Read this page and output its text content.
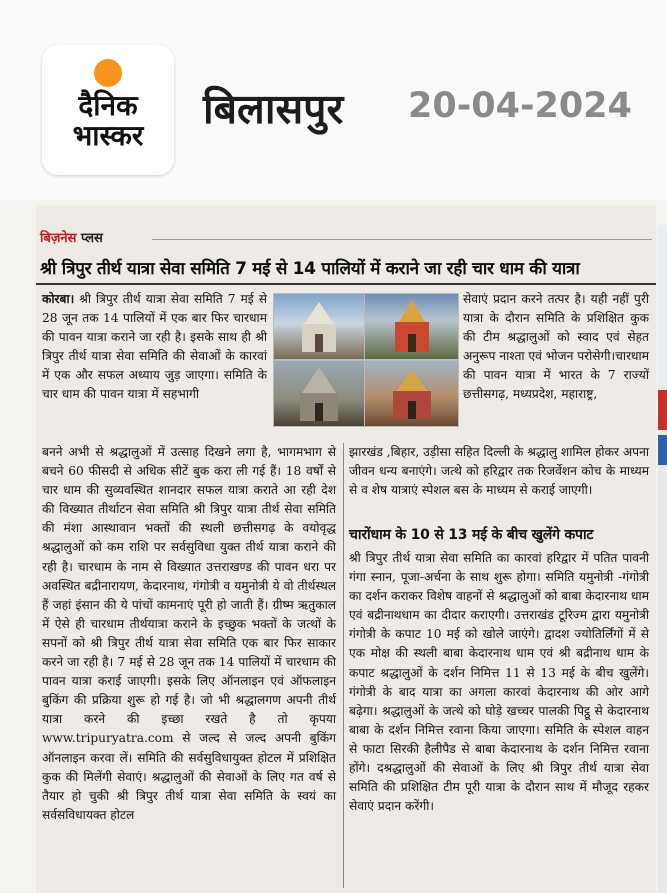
दैनिक
भास्कर
बिलासपुर 20-04-2024
बिज़नेस प्लस
श्री त्रिपुर तीर्थ यात्रा सेवा समिति 7 मई से 14 पालियों में कराने जा रही चार धाम की यात्रा
कोरबा। श्री त्रिपुर तीर्थ यात्रा सेवा समिति 7 मई से 28 जून तक 14 पालियों में एक बार फिर चारधाम की पावन यात्रा कराने जा रही है। इसके साथ ही श्री त्रिपुर तीर्थ यात्रा सेवा समिति की सेवाओं के कारवां में एक और सफल अध्याय जुड़ जाएगा। समिति के चार धाम की पावन यात्रा में सहभागी
सेवाएं प्रदान करने तत्पर है। यही नहीं पुरी यात्रा के दौरान समिति के प्रशिक्षित कुक की टीम श्रद्धालुओं को स्वाद एवं सेहत अनुरूप नाश्ता एवं भोजन परोसेगी।चारधाम की पावन यात्रा में भारत के 7 राज्यों छत्तीसगढ़, मध्यप्रदेश, महाराष्ट्र,
बनने अभी से श्रद्धालुओं में उत्साह दिखने लगा है, भागमभाग से बचने 60 फीसदी से अधिक सीटें बुक करा ली गई हैं। 18 वर्षों से चार धाम की सुव्यवस्थित शानदार सफल यात्रा कराते आ रही देश की विख्यात तीर्थाटन सेवा समिति श्री त्रिपुर यात्रा तीर्थ सेवा समिति की मंशा आस्थावान भक्तों की स्थली छत्तीसगढ़ के वयोवृद्ध श्रद्धालुओं को कम राशि पर सर्वसुविधा युक्त तीर्थ यात्रा कराने की रही है। चारधाम के नाम से विख्यात उत्तराखण्ड की पावन धरा पर अवस्थित बद्रीनारायण, केदारनाथ, गंगोत्री व यमुनोत्री ये वो तीर्थस्थल हैं जहां इंसान की ये पांचों कामनाएं पूरी हो जाती हैं। ग्रीष्म ऋतुकाल में ऐसे ही चारधाम तीर्थयात्रा कराने के इच्छुक भक्तों के जत्थों के सपनों को श्री त्रिपुर तीर्थ यात्रा सेवा समिति एक बार फिर साकार करने जा रही है। 7 मई से 28 जून तक 14 पालियों में चारधाम की पावन यात्रा कराई जाएगी। इसके लिए ऑनलाइन एवं ऑफलाइन बुकिंग की प्रक्रिया शुरू हो गई है। जो भी श्रद्धालगण अपनी तीर्थ यात्रा करने की इच्छा रखते है तो कृपया www.tripuryatra.com से जल्द से जल्द अपनी बुकिंग ऑनलाइन करवा लें। समिति की सर्वसुविधायुक्त होटल में प्रशिक्षित कुक की मिलेंगी सेवाएं। श्रद्धालुओं की सेवाओं के लिए गत वर्ष से तैयार हो चुकी श्री त्रिपुर तीर्थ यात्रा सेवा समिति के स्वयं का सर्वसविधायक्त होटल
झारखंड ,बिहार, उड़ीसा सहित दिल्ली के श्रद्धालु शामिल होकर अपना जीवन धन्य बनाएंगे। जत्थे को हरिद्वार तक रिजर्वेशन कोच के माध्यम से व शेष यात्राएं स्पेशल बस के माध्यम से कराई जाएगी।
चारोंधाम के 10 से 13 मई के बीच खुलेंगे कपाट
श्री त्रिपुर तीर्थ यात्रा सेवा समिति का कारवां हरिद्वार में पतित पावनी गंगा स्नान, पूजा-अर्चना के साथ शुरू होगा। समिति यमुनोत्री -गंगोत्री का दर्शन कराकर विशेष वाहनों से श्रद्धालुओं को बाबा केदारनाथ धाम एवं बद्रीनाथधाम का दीदार कराएगी। उत्तराखंड टूरिज्म द्वारा यमुनोत्री गंगोत्री के कपाट 10 मई को खोले जाएंगे। द्वादश ज्योतिर्लिंगों में से एक मोक्ष की स्थली बाबा केदारनाथ धाम एवं श्री बद्रीनाथ धाम के कपाट श्रद्धालुओं के दर्शन निमित्त 11 से 13 मई के बीच खुलेंगे। गंगोत्री के बाद यात्रा का अगला कारवां केदारनाथ की ओर आगे बढ़ेगा। श्रद्धालुओं के जत्थे को घोड़े खच्चर पालकी पिट्ठू से केदारनाथ बाबा के दर्शन निमित्त रवाना किया जाएगा। समिति के स्पेशल वाहन से फाटा सिरकी हैलीपैड से बाबा केदारनाथ के दर्शन निमित्त रवाना होंगे। दश्रद्धालुओं की सेवाओं के लिए श्री त्रिपुर तीर्थ यात्रा सेवा समिति की प्रशिक्षित टीम पूरी यात्रा के दौरान साथ में मौजूद रहकर सेवाएं प्रदान करेंगी।
